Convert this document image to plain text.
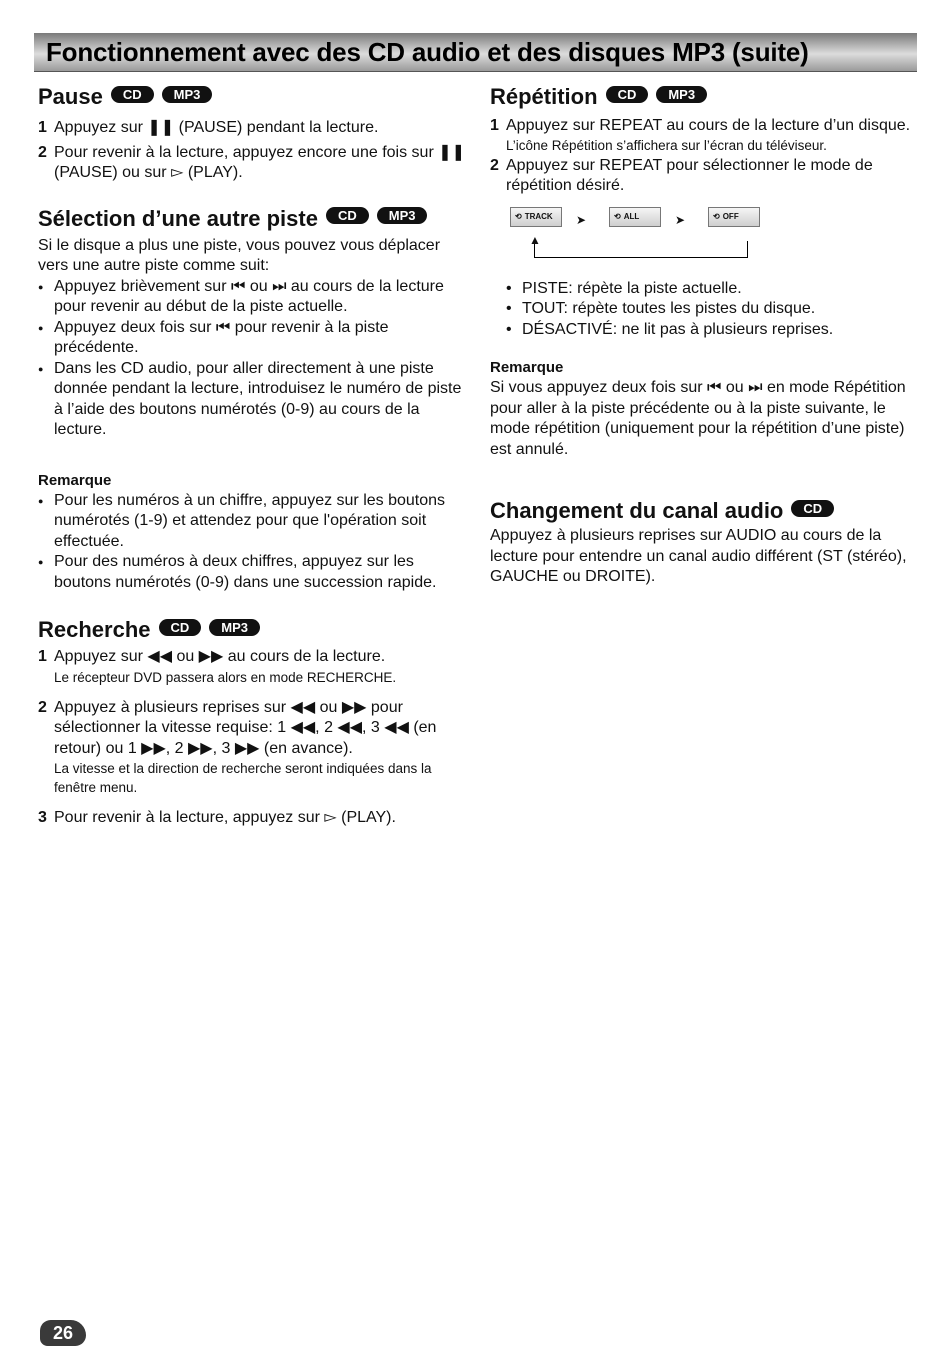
Fonctionnement avec des CD audio et des disques MP3 (suite)
Pause	CD	MP3
1 Appuyez sur ❚❚ (PAUSE) pendant la lecture.
2 Pour revenir à la lecture, appuyez encore une fois sur ❚❚ (PAUSE) ou sur ▻ (PLAY).
Sélection d’une autre piste	CD	MP3

Si le disque a plus une piste, vous pouvez vous déplacer vers une autre piste comme suit:

● Appuyez brièvement sur ⏮ ou ⏭ au cours de la lecture pour revenir au début de la piste actuelle.
● Appuyez deux fois sur ⏮ pour revenir à la piste précédente.
● Dans les CD audio, pour aller directement à une piste donnée pendant la lecture, introduisez le numéro de piste à l’aide des boutons numérotés (0-9) au cours de la lecture.

Remarque

● Pour les numéros à un chiffre, appuyez sur les boutons numérotés (1-9) et attendez pour que l'opération soit effectuée.
● Pour des numéros à deux chiffres, appuyez sur les boutons numérotés (0-9) dans une succession rapide.
Recherche	CD	MP3
1 Appuyez sur ◀◀ ou ▶▶ au cours de la lecture.
Le récepteur DVD passera alors en mode RECHERCHE.
2 Appuyez à plusieurs reprises sur ◀◀ ou ▶▶ pour sélectionner la vitesse requise: 1 ◀◀, 2 ◀◀, 3 ◀◀ (en retour) ou 1 ▶▶, 2 ▶▶, 3 ▶▶ (en avance).
La vitesse et la direction de recherche seront indiquées dans la fenêtre menu.
3 Pour revenir à la lecture, appuyez sur ▻ (PLAY).
Répétition	CD	MP3
1 Appuyez sur REPEAT au cours de la lecture d’un disque.
L’icône Répétition s’affichera sur l’écran du téléviseur.
2 Appuyez sur REPEAT pour sélectionner le mode de répétition désiré.
⟲ TRACK ➤	⟲ ALL	➤	⟲ OFF
▲
• PISTE: répète la piste actuelle.
• TOUT: répète toutes les pistes du disque.
• DÉSACTIVÉ: ne lit pas à plusieurs reprises.

Remarque

Si vous appuyez deux fois sur ⏮ ou ⏭ en mode Répétition pour aller à la piste précédente ou à la piste suivante, le mode répétition (uniquement pour la répétition d’une piste) est annulé.

Changement du canal audio	CD

Appuyez à plusieurs reprises sur AUDIO au cours de la lecture pour entendre un canal audio différent (ST (stéréo), GAUCHE ou DROITE).

26
